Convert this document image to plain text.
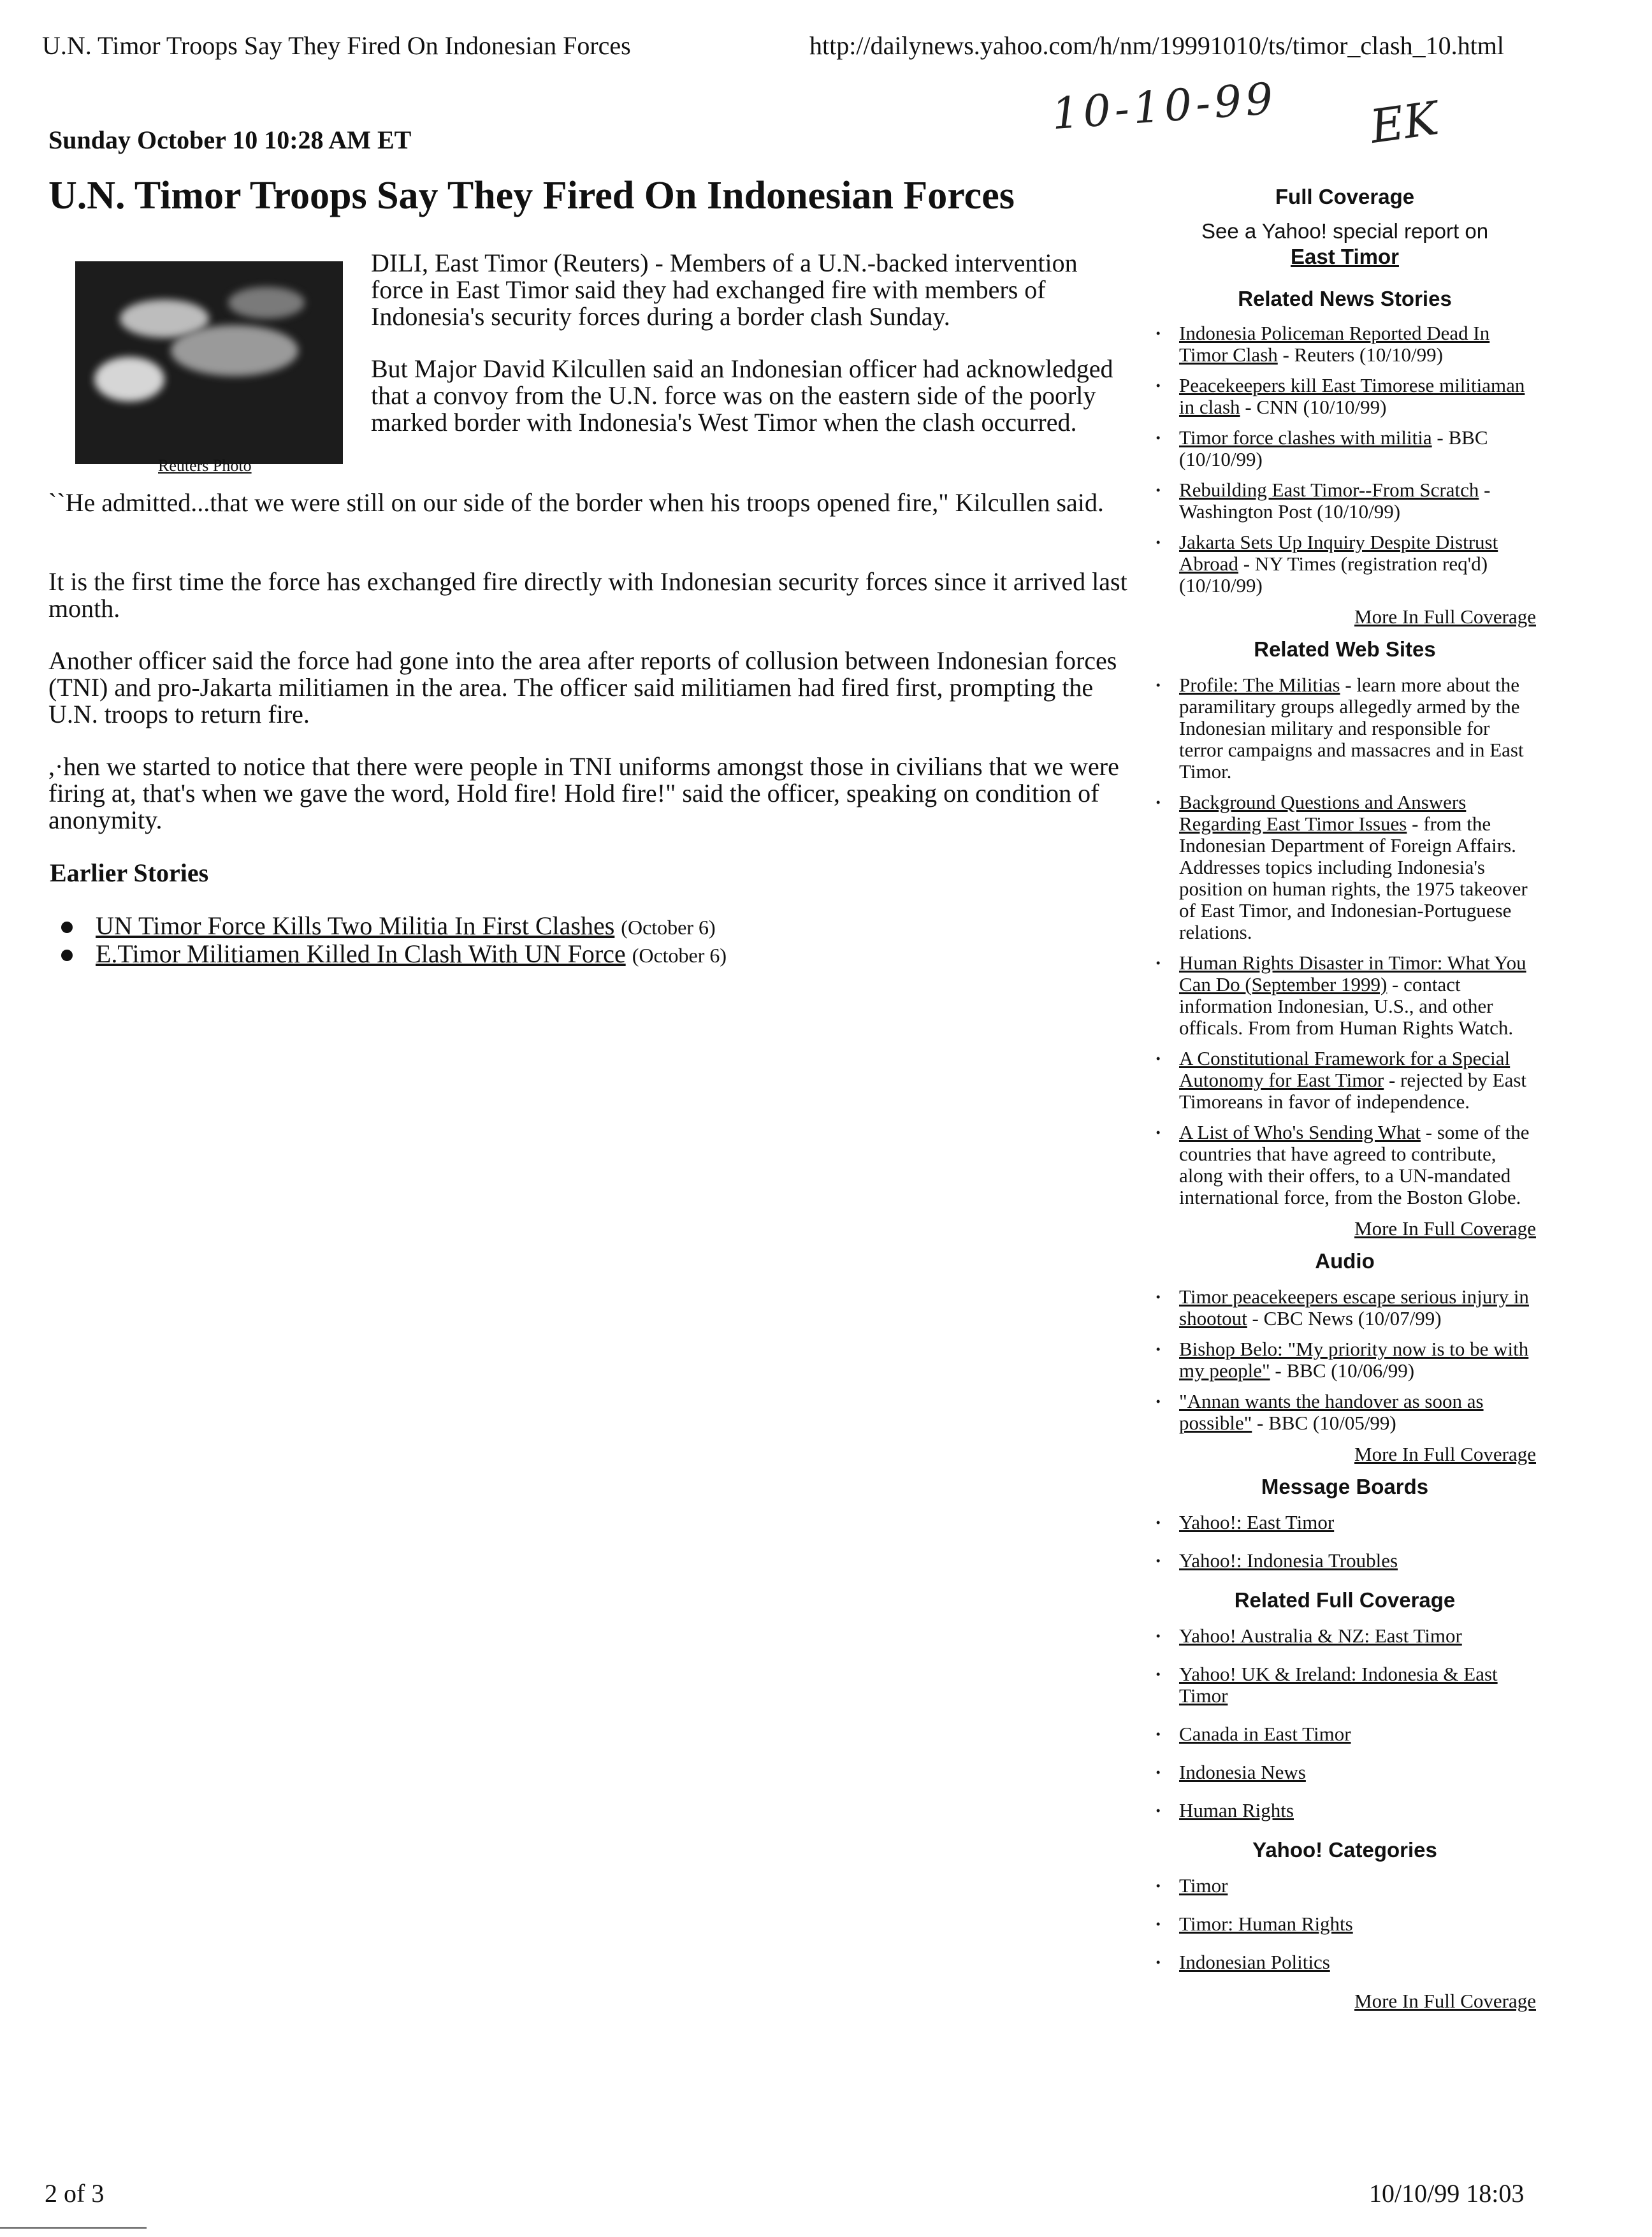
U.N. Timor Troops Say They Fired On Indonesian Forces	http://dailynews.yahoo.com/h/nm/19991010/ts/timor_clash_10.html
10-10-99 EK
Sunday October 10 10:28 AM ET
U.N. Timor Troops Say They Fired On Indonesian Forces
Reuters Photo

DILI, East Timor (Reuters) - Members of a U.N.-backed intervention force in East Timor said they had exchanged fire with members of Indonesia's security forces during a border clash Sunday.

But Major David Kilcullen said an Indonesian officer had acknowledged that a convoy from the U.N. force was on the eastern side of the poorly marked border with Indonesia's West Timor when the clash occurred.

``He admitted...that we were still on our side of the border when his troops opened fire," Kilcullen said.

It is the first time the force has exchanged fire directly with Indonesian security forces since it arrived last month.

Another officer said the force had gone into the area after reports of collusion between Indonesian forces (TNI) and pro-Jakarta militiamen in the area. The officer said militiamen had fired first, prompting the U.N. troops to return fire.

,·hen we started to notice that there were people in TNI uniforms amongst those in civilians that we were firing at, that's when we gave the word, Hold fire! Hold fire!" said the officer, speaking on condition of anonymity.

Earlier Stories
UN Timor Force Kills Two Militia In First Clashes (October 6)
E.Timor Militiamen Killed In Clash With UN Force (October 6)
Full Coverage

See a Yahoo! special report on

East Timor

Related News Stories
· Indonesia Policeman Reported Dead In Timor Clash - Reuters (10/10/99)
· Peacekeepers kill East Timorese militiaman in clash - CNN (10/10/99)
· Timor force clashes with militia - BBC (10/10/99)
· Rebuilding East Timor--From Scratch - Washington Post (10/10/99)
· Jakarta Sets Up Inquiry Despite Distrust Abroad - NY Times (registration req'd) (10/10/99)

More In Full Coverage

Related Web Sites
· Profile: The Militias - learn more about the paramilitary groups allegedly armed by the Indonesian military and responsible for terror campaigns and massacres and in East Timor.
· Background Questions and Answers Regarding East Timor Issues - from the Indonesian Department of Foreign Affairs. Addresses topics including Indonesia's position on human rights, the 1975 takeover of East Timor, and Indonesian-Portuguese relations.
· Human Rights Disaster in Timor: What You Can Do (September 1999) - contact information Indonesian, U.S., and other officals. From from Human Rights Watch.
· A Constitutional Framework for a Special Autonomy for East Timor - rejected by East Timoreans in favor of independence.
· A List of Who's Sending What - some of the countries that have agreed to contribute, along with their offers, to a UN-mandated international force, from the Boston Globe.

More In Full Coverage

Audio
· Timor peacekeepers escape serious injury in shootout - CBC News (10/07/99)
· Bishop Belo: "My priority now is to be with my people" - BBC (10/06/99)
· "Annan wants the handover as soon as possible" - BBC (10/05/99)

More In Full Coverage

Message Boards
· Yahoo!: East Timor
· Yahoo!: Indonesia Troubles
Related Full Coverage
· Yahoo! Australia & NZ: East Timor
· Yahoo! UK & Ireland: Indonesia & East Timor
· Canada in East Timor
· Indonesia News
· Human Rights
Yahoo! Categories
· Timor
· Timor: Human Rights
· Indonesian Politics

More In Full Coverage

2 of 3	10/10/99 18:03
